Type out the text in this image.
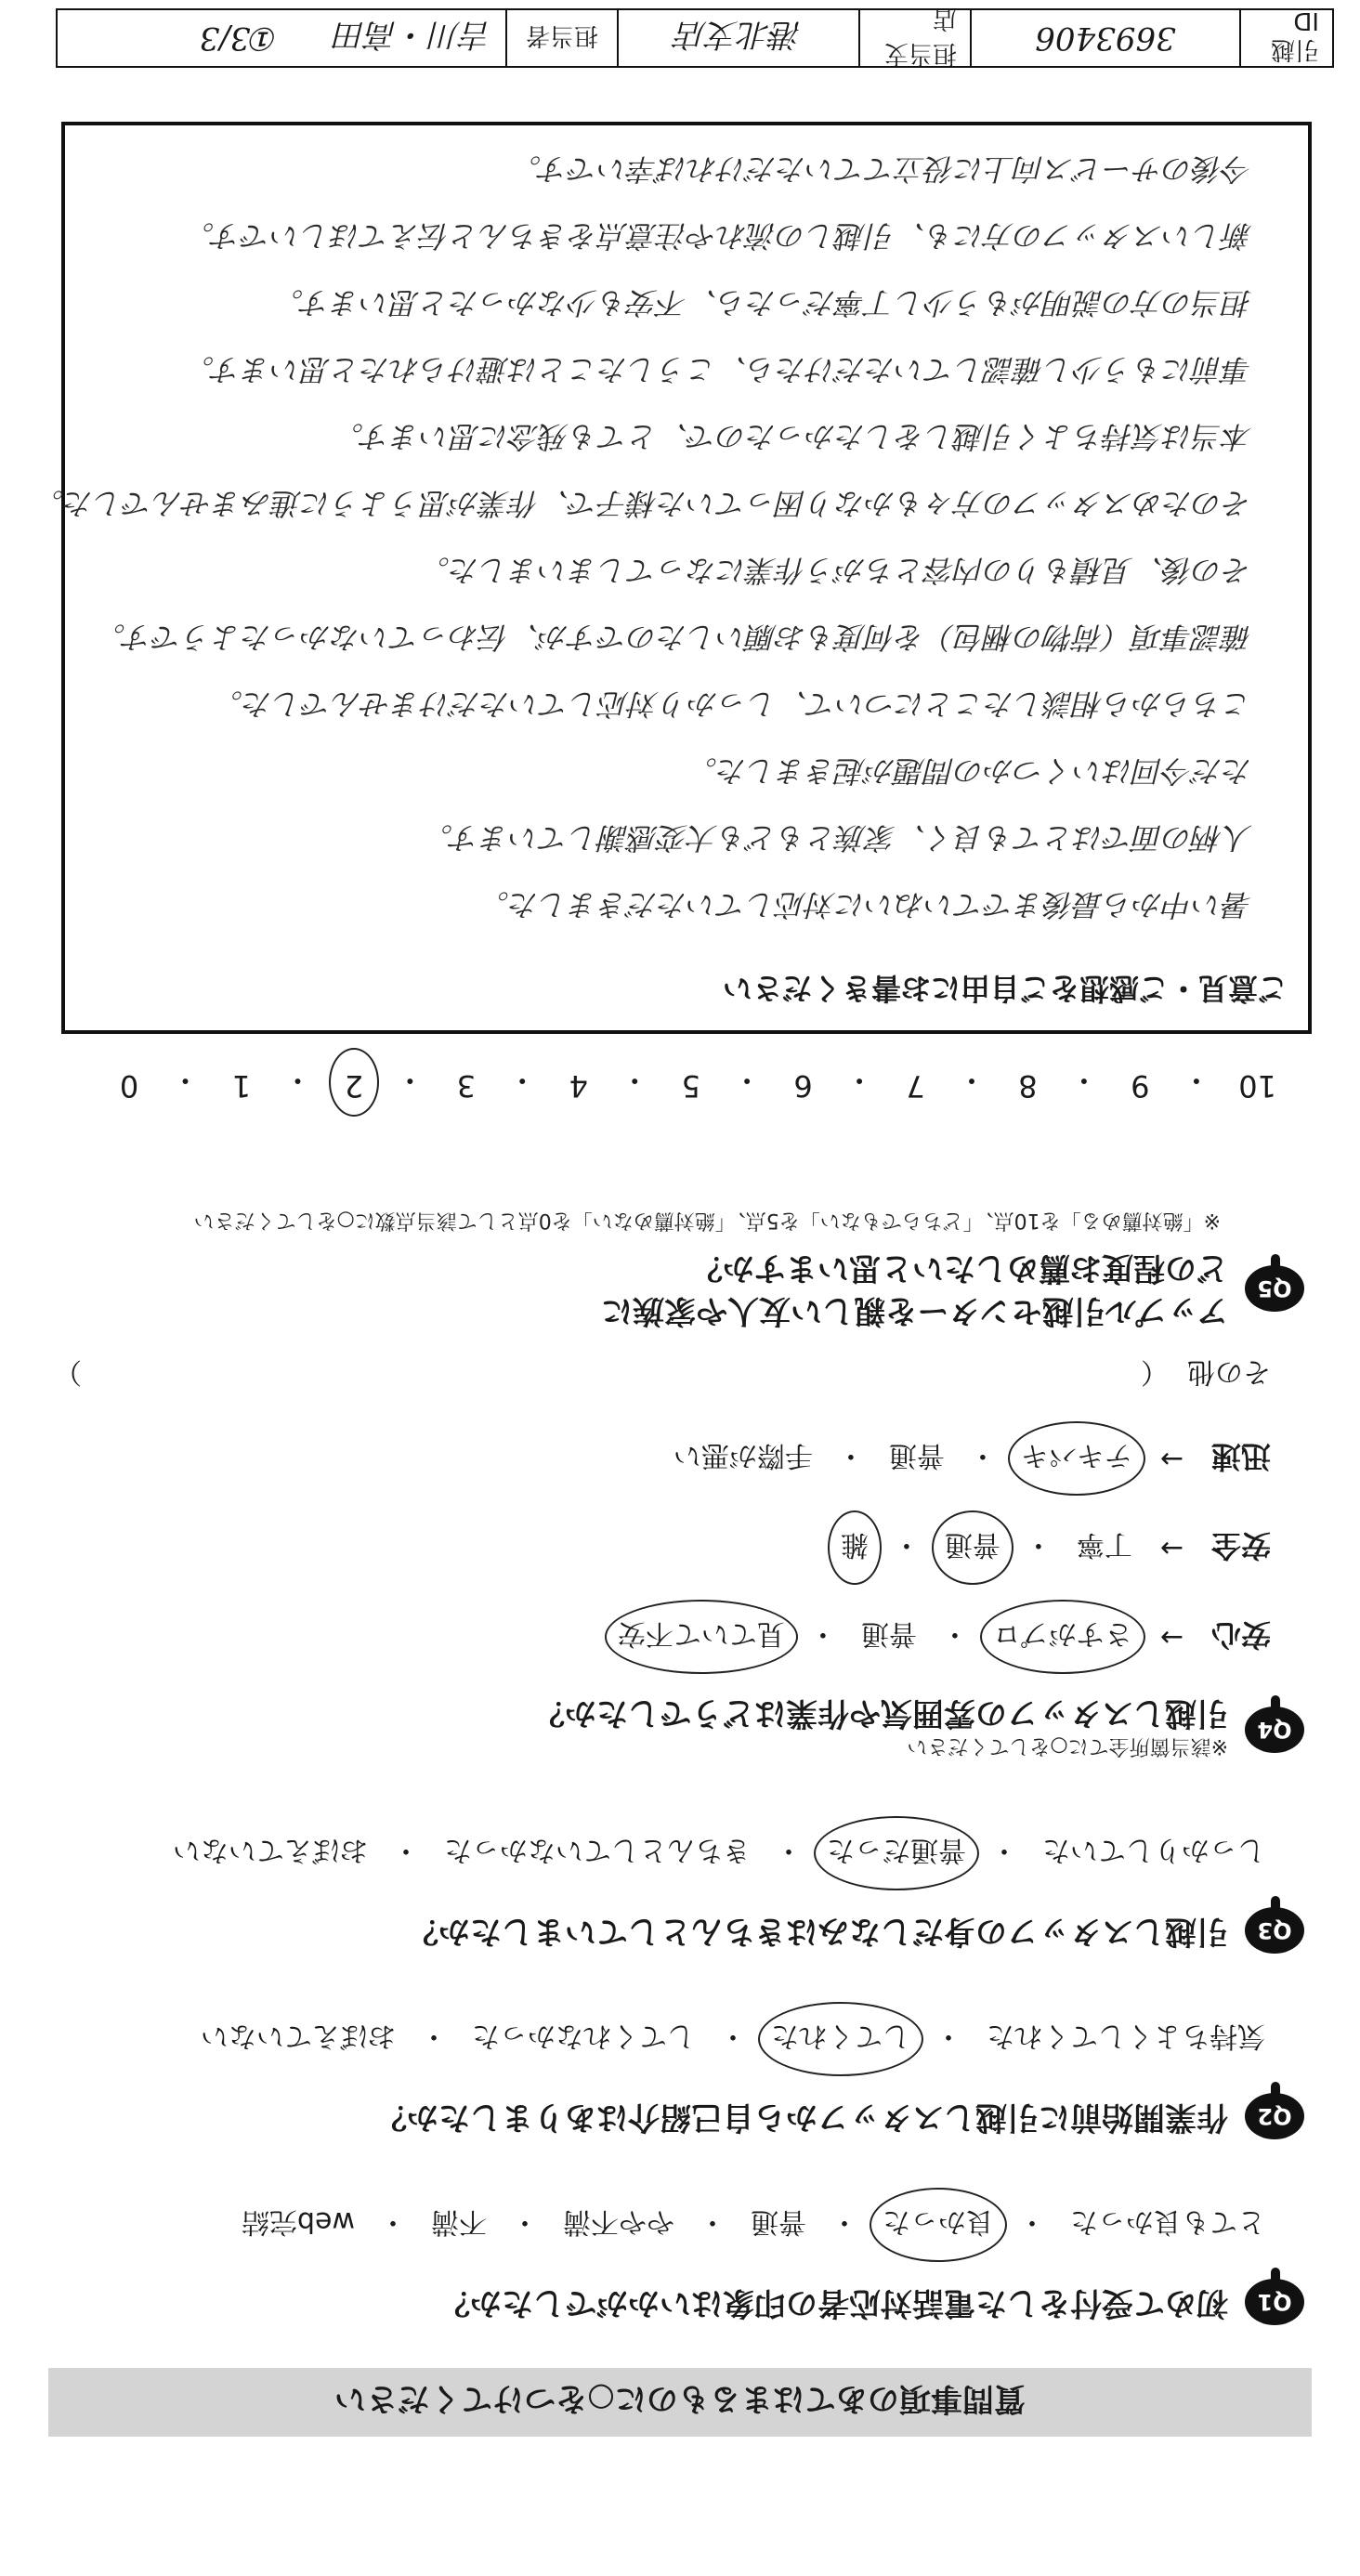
質問事項のあてはまるものに○をつけてください
Q1
初めて受付をした電話対応者の印象はいかがでしたか？
とても良かった
・
良かった
・
普通
・
やや不満
・
不満
・
web完結
Q2
作業開始前に引越しスタッフから自己紹介はありましたか？
気持ちよくしてくれた
・
してくれた
・
してくれなかった
・
おぼえていない
Q3
引越しスタッフの身だしなみはきちんとしていましたか？
しっかりしていた
・
普通だった
・
きちんとしていなかった
・
おぼえていない
Q4
※該当箇所全てに○をしてください
引越しスタッフの雰囲気や作業はどうでしたか？
安心
→
さすがプロ
・
普通
・
見ていて不安
安全
→
丁寧
・
普通
・
雑
迅速
→
テキパキ
・
普通
・
手際が悪い
その他
（　　　　　　　　　　　　　　　　　　　　　　　　　　　　　　　　　　　　　　）
Q5
アップル引越センターを親しい友人や家族に
どの程度お薦めしたいと思いますか？
※「絶対薦める」を10点、「どちらでもない」を5点、「絶対薦めない」を0点として該当点数に○をしてください
10
・
9
・
8
・
7
・
6
・
5
・
4
・
3
・
2
・
1
・
0
ご意見・ご感想をご自由にお書きください
暑い中から最後までていねいに対応していただきました。
人柄の面ではとても良く、家族ともども大変感謝しています。
ただ今回はいくつかの問題が起きました。
こちらから相談したことについて、しっかり対応していただけませんでした。
確認事項（荷物の梱包）を何度もお願いしたのですが、伝わっていなかったようです。
その後、見積もりの内容とちがう作業になってしまいました。
そのためスタッフの方々もかなり困っていた様子で、作業が思うように進みませんでした。
本当は気持ちよく引越しをしたかったので、とても残念に思います。
事前にもう少し確認していただけたら、こうしたことは避けられたと思います。
担当の方の説明がもう少し丁寧だったら、不安も少なかったと思います。
新しいスタッフの方にも、引越しの流れや注意点をきちんと伝えてほしいです。
今後のサービス向上に役立てていただければ幸いです。
引越ID
3693406
担当支店
港北支店
担当者
吉川・高田
①3/3
